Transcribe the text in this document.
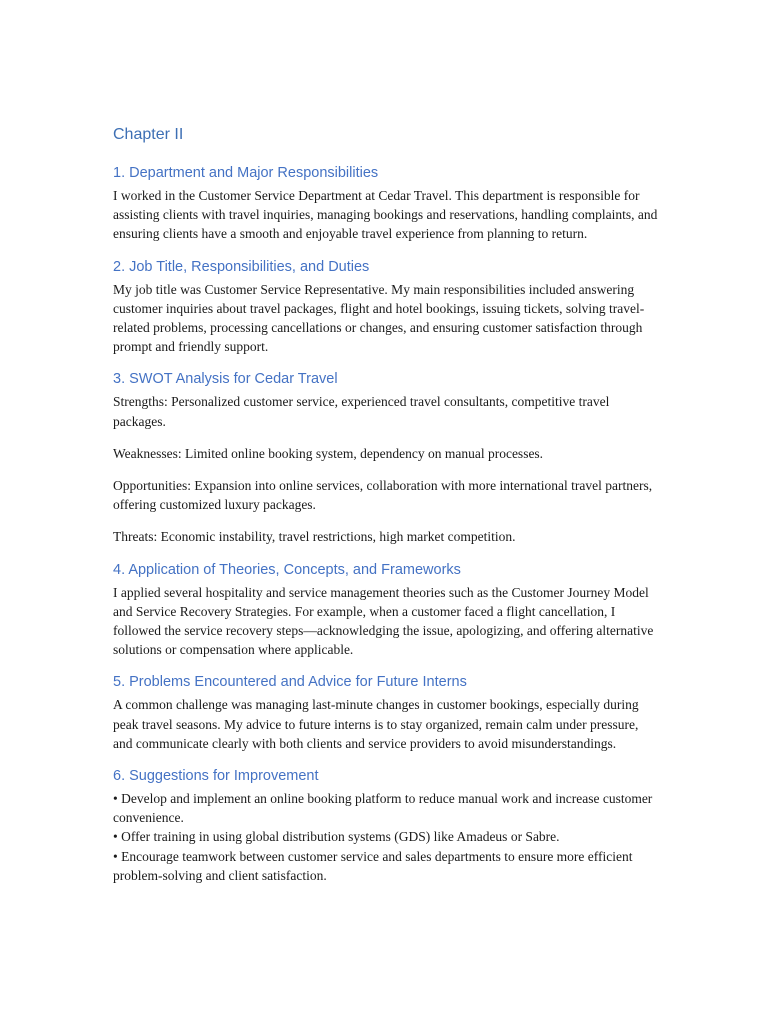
Chapter II
1. Department and Major Responsibilities

I worked in the Customer Service Department at Cedar Travel. This department is responsible for assisting clients with travel inquiries, managing bookings and reservations, handling complaints, and ensuring clients have a smooth and enjoyable travel experience from planning to return.

2. Job Title, Responsibilities, and Duties

My job title was Customer Service Representative. My main responsibilities included answering customer inquiries about travel packages, flight and hotel bookings, issuing tickets, solving travel-related problems, processing cancellations or changes, and ensuring customer satisfaction through prompt and friendly support.

3. SWOT Analysis for Cedar Travel

Strengths: Personalized customer service, experienced travel consultants, competitive travel packages.

Weaknesses: Limited online booking system, dependency on manual processes.

Opportunities: Expansion into online services, collaboration with more international travel partners, offering customized luxury packages.

Threats: Economic instability, travel restrictions, high market competition.

4. Application of Theories, Concepts, and Frameworks

I applied several hospitality and service management theories such as the Customer Journey Model and Service Recovery Strategies. For example, when a customer faced a flight cancellation, I followed the service recovery steps—acknowledging the issue, apologizing, and offering alternative solutions or compensation where applicable.

5. Problems Encountered and Advice for Future Interns

A common challenge was managing last-minute changes in customer bookings, especially during peak travel seasons. My advice to future interns is to stay organized, remain calm under pressure, and communicate clearly with both clients and service providers to avoid misunderstandings.

6. Suggestions for Improvement
• Develop and implement an online booking platform to reduce manual work and increase customer convenience.
• Offer training in using global distribution systems (GDS) like Amadeus or Sabre.
• Encourage teamwork between customer service and sales departments to ensure more efficient problem-solving and client satisfaction.
